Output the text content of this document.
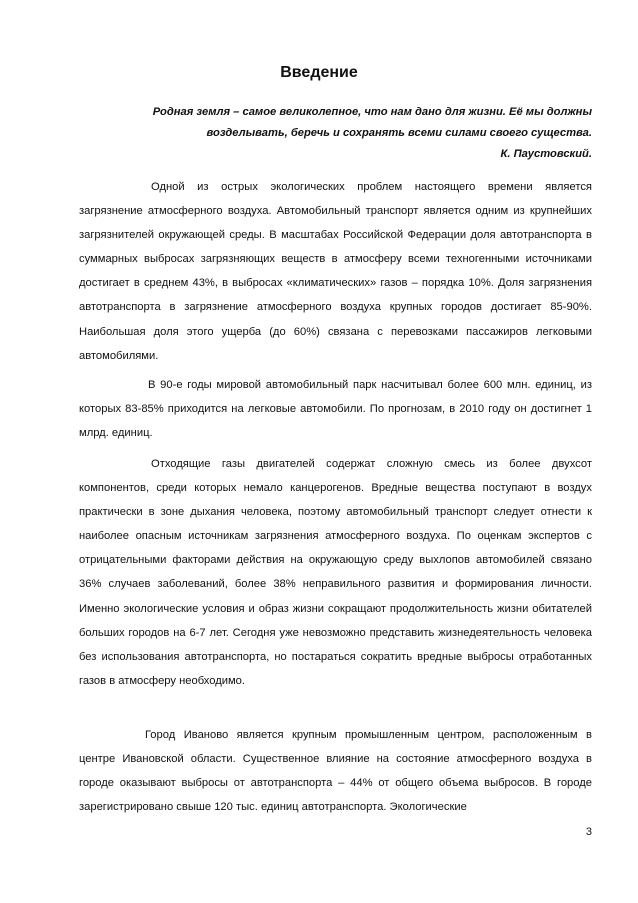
Введение
Родная земля – самое великолепное, что нам дано для жизни. Её мы должны возделывать, беречь и сохранять всеми силами своего существа.
К. Паустовский.
Одной из острых экологических проблем настоящего времени является загрязнение атмосферного воздуха. Автомобильный транспорт является одним из крупнейших загрязнителей окружающей среды. В масштабах Российской Федерации доля автотранспорта в суммарных выбросах загрязняющих веществ в атмосферу всеми техногенными источниками достигает в среднем 43%, в выбросах «климатических» газов – порядка 10%. Доля загрязнения автотранспорта в загрязнение атмосферного воздуха крупных городов достигает 85-90%. Наибольшая доля этого ущерба (до 60%) связана с перевозками пассажиров легковыми автомобилями.
В 90-е годы мировой автомобильный парк насчитывал более 600 млн. единиц, из которых 83-85% приходится на легковые автомобили. По прогнозам, в 2010 году он достигнет 1 млрд. единиц.
Отходящие газы двигателей содержат сложную смесь из более двухсот компонентов, среди которых немало канцерогенов. Вредные вещества поступают в воздух практически в зоне дыхания человека, поэтому автомобильный транспорт следует отнести к наиболее опасным источникам загрязнения атмосферного воздуха. По оценкам экспертов с отрицательными факторами действия на окружающую среду выхлопов автомобилей связано 36% случаев заболеваний, более 38% неправильного развития и формирования личности. Именно экологические условия и образ жизни сокращают продолжительность жизни обитателей больших городов на 6-7 лет. Сегодня уже невозможно представить жизнедеятельность человека без использования автотранспорта, но постараться сократить вредные выбросы отработанных газов в атмосферу необходимо.
Город Иваново является крупным промышленным центром, расположенным в центре Ивановской области. Существенное влияние на состояние атмосферного воздуха в городе оказывают выбросы от автотранспорта – 44% от общего объема выбросов. В городе зарегистрировано свыше 120 тыс. единиц автотранспорта. Экологические
3
